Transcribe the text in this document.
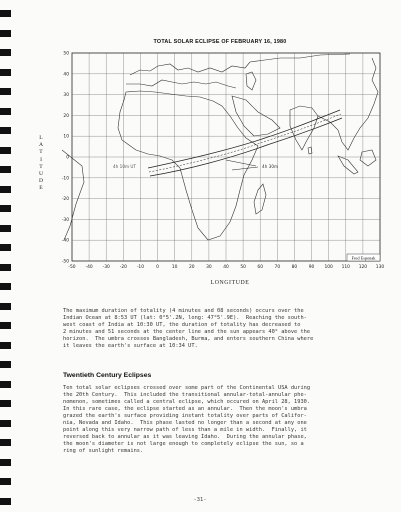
TOTAL SOLAR ECLIPSE OF FEBRUARY 16, 1980
4h 10m UT	4h 30m
-50 -40 -30 -20 -10	0	10	20	30	40	50	60	70	80	90 100 110 120 130
50
40
30
20
10
0
-10
-20
-30
-40
-50
Fred Espenak
L
A
T
I
T
U
D
E
LONGITUDE
The maximum duration of totality (4 minutes and 08 seconds) occurs over the
Indian Ocean at 8:53 UT (lat: 0°5'.2N, long: 47°5'.9E).  Reaching the south-
west coast of India at 10:30 UT, the duration of totality has decreased to
2 minutes and 51 seconds at the center line and the sun appears 40° above the
horizon.  The umbra crosses Bangladesh, Burma, and enters southern China where
it leaves the earth's surface at 10:34 UT.
Twentieth Century Eclipses
Ten total solar eclipses crossed over some part of the Continental USA during
the 20th Century.  This included the transitional annular-total-annular phe-
nomenon, sometimes called a central eclipse, which occured on April 28, 1930.
In this rare case, the eclipse started as an annular.  Then the moon's umbra
grazed the earth's surface providing instant totality over parts of Califor-
nia, Nevada and Idaho.  This phase lasted no longer than a second at any one
point along this very narrow path of less than a mile in width.  Finally, it
reversed back to annular as it was leaving Idaho.  During the annular phase,
the moon's diameter is not large enough to completely eclipse the sun, so a
ring of sunlight remains.
-31-
